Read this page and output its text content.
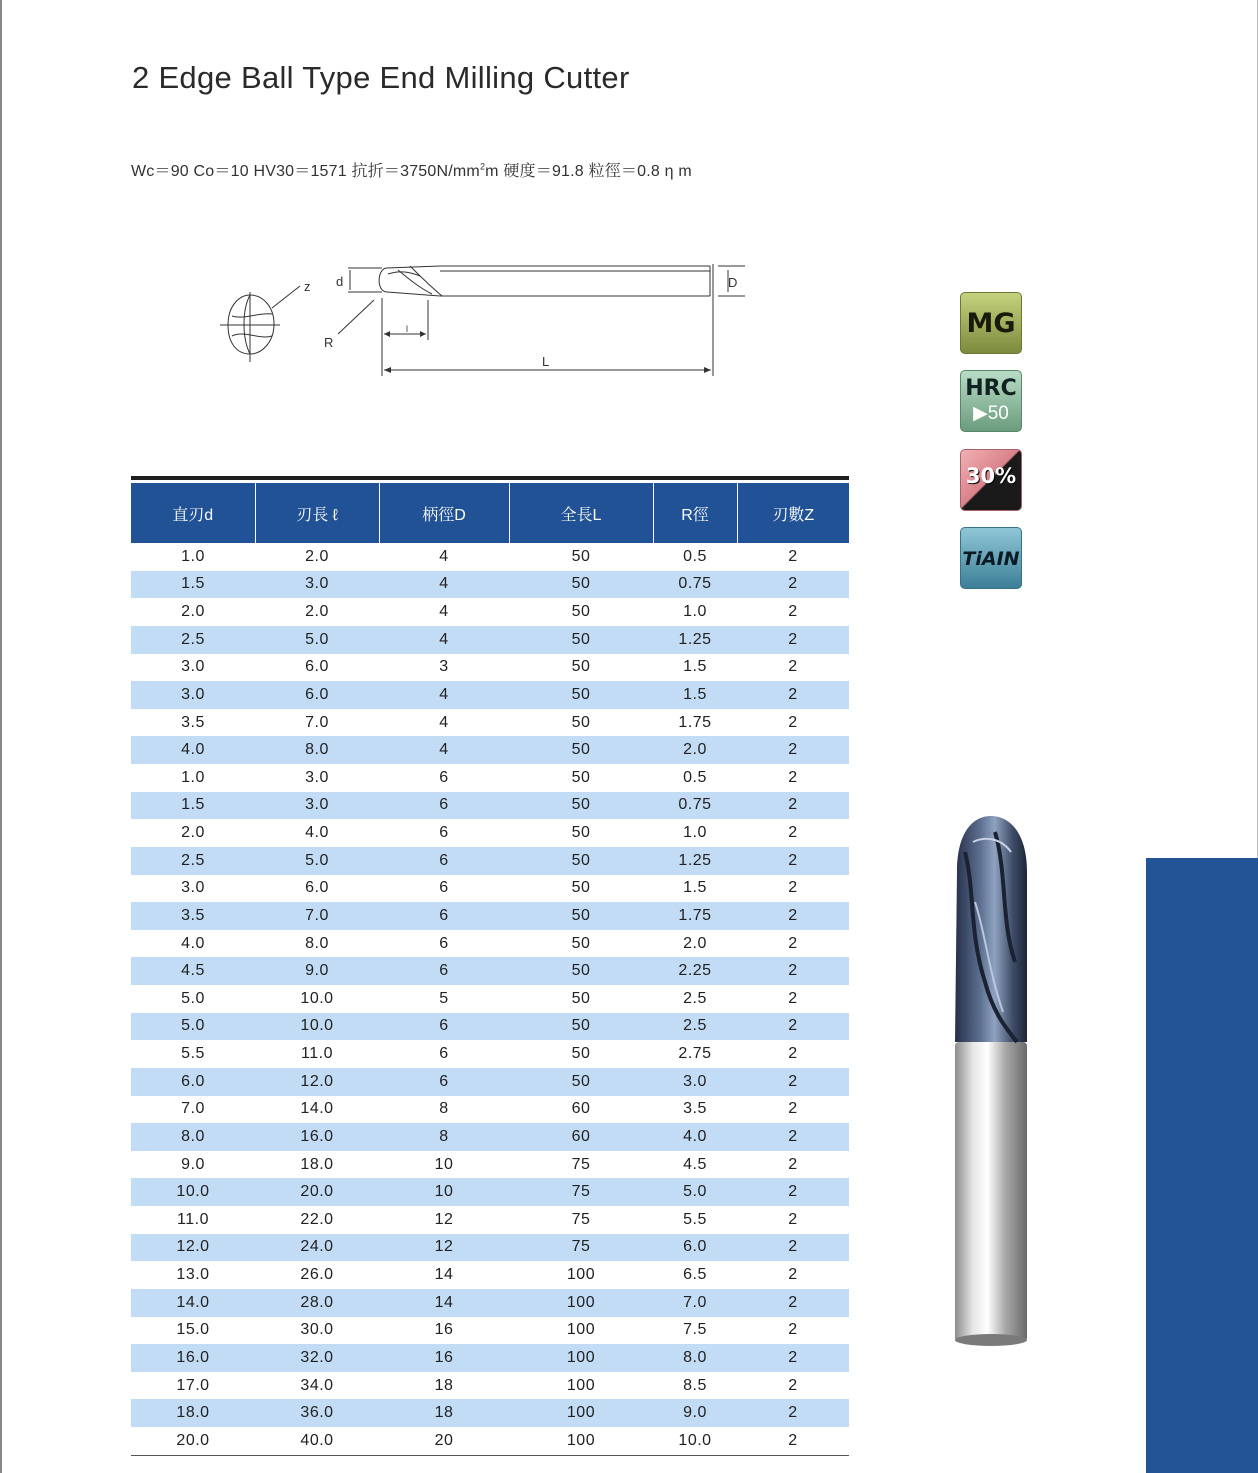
2 Edge Ball Type End Milling Cutter
Wc＝90 Co＝10 HV30＝1571 抗折$=3750N/mm^2m$ 硬度＝91.8 粒徑＝0.8 η m
z d	D
R
l
L
直刃d	刃長 ℓ	柄徑D	全長L	R徑	刃數Z
1.0	2.0	4	50	0.5	2
1.5	3.0	4	50	0.75	2
2.0	2.0	4	50	1.0	2
2.5	5.0	4	50	1.25	2
3.0	6.0	3	50	1.5	2
3.0	6.0	4	50	1.5	2
3.5	7.0	4	50	1.75	2
4.0	8.0	4	50	2.0	2
1.0	3.0	6	50	0.5	2
1.5	3.0	6	50	0.75	2
2.0	4.0	6	50	1.0	2
2.5	5.0	6	50	1.25	2
3.0	6.0	6	50	1.5	2
3.5	7.0	6	50	1.75	2
4.0	8.0	6	50	2.0	2
4.5	9.0	6	50	2.25	2
5.0	10.0	5	50	2.5	2
5.0	10.0	6	50	2.5	2
5.5	11.0	6	50	2.75	2
6.0	12.0	6	50	3.0	2
7.0	14.0	8	60	3.5	2
8.0	16.0	8	60	4.0	2
9.0	18.0	10	75	4.5	2
10.0	20.0	10	75	5.0	2
11.0	22.0	12	75	5.5	2
12.0	24.0	12	75	6.0	2
13.0	26.0	14	100	6.5	2
14.0	28.0	14	100	7.0	2
15.0	30.0	16	100	7.5	2
16.0	32.0	16	100	8.0	2
17.0	34.0	18	100	8.5	2
18.0	36.0	18	100	9.0	2
20.0	40.0	20	100	10.0	2
MG
HRC
▶50
30%
TiAIN
